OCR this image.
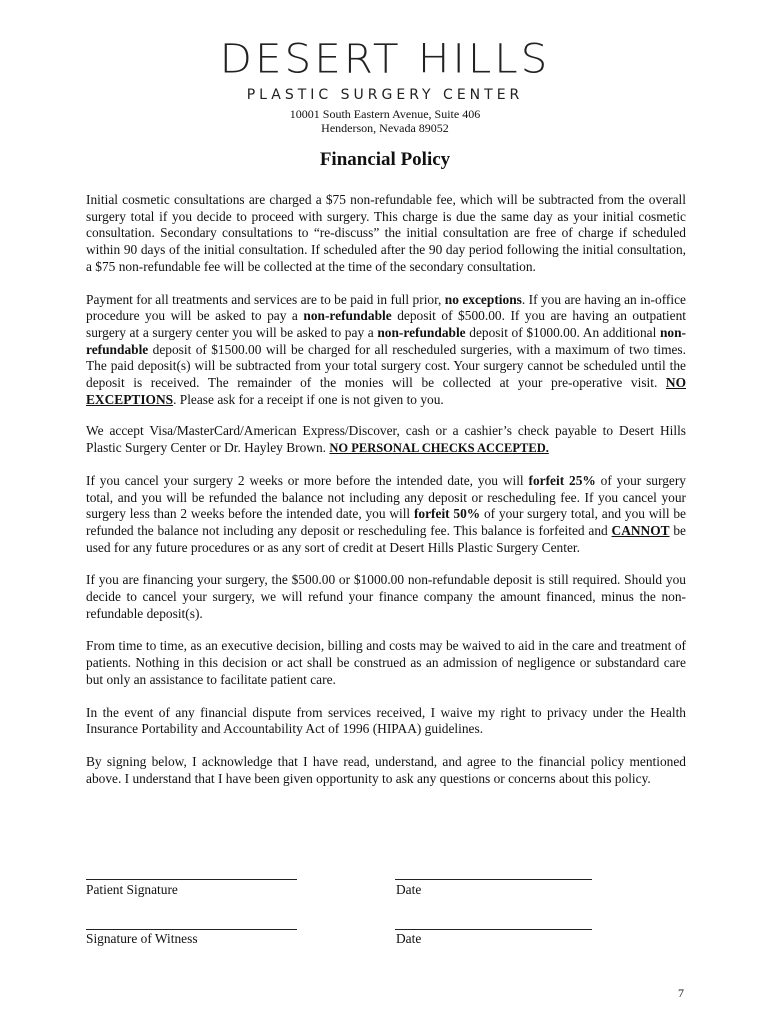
DESERT HILLS
PLASTIC SURGERY CENTER
10001 South Eastern Avenue, Suite 406
Henderson, Nevada 89052
Financial Policy

Initial cosmetic consultations are charged a $75 non-refundable fee, which will be subtracted from the overall surgery total if you decide to proceed with surgery. This charge is due the same day as your initial cosmetic consultation. Secondary consultations to “re-discuss” the initial consultation are free of charge if scheduled within 90 days of the initial consultation. If scheduled after the 90 day period following the initial consultation, a $75 non-refundable fee will be collected at the time of the secondary consultation.

Payment for all treatments and services are to be paid in full prior, no exceptions. If you are having an in-office procedure you will be asked to pay a non-refundable deposit of $500.00. If you are having an outpatient surgery at a surgery center you will be asked to pay a non-refundable deposit of $1000.00. An additional non-refundable deposit of $1500.00 will be charged for all rescheduled surgeries, with a maximum of two times. The paid deposit(s) will be subtracted from your total surgery cost. Your surgery cannot be scheduled until the deposit is received. The remainder of the monies will be collected at your pre-operative visit. NO EXCEPTIONS. Please ask for a receipt if one is not given to you.

We accept Visa/MasterCard/American Express/Discover, cash or a cashier’s check payable to Desert Hills Plastic Surgery Center or Dr. Hayley Brown. NO PERSONAL CHECKS ACCEPTED.

If you cancel your surgery 2 weeks or more before the intended date, you will forfeit 25% of your surgery total, and you will be refunded the balance not including any deposit or rescheduling fee. If you cancel your surgery less than 2 weeks before the intended date, you will forfeit 50% of your surgery total, and you will be refunded the balance not including any deposit or rescheduling fee. This balance is forfeited and CANNOT be used for any future procedures or as any sort of credit at Desert Hills Plastic Surgery Center.

If you are financing your surgery, the $500.00 or $1000.00 non-refundable deposit is still required. Should you decide to cancel your surgery, we will refund your finance company the amount financed, minus the non-refundable deposit(s).

From time to time, as an executive decision, billing and costs may be waived to aid in the care and treatment of patients. Nothing in this decision or act shall be construed as an admission of negligence or substandard care but only an assistance to facilitate patient care.

In the event of any financial dispute from services received, I waive my right to privacy under the Health Insurance Portability and Accountability Act of 1996 (HIPAA) guidelines.

By signing below, I acknowledge that I have read, understand, and agree to the financial policy mentioned above. I understand that I have been given opportunity to ask any questions or concerns about this policy.

Patient Signature	Date
Signature of Witness	Date
7
